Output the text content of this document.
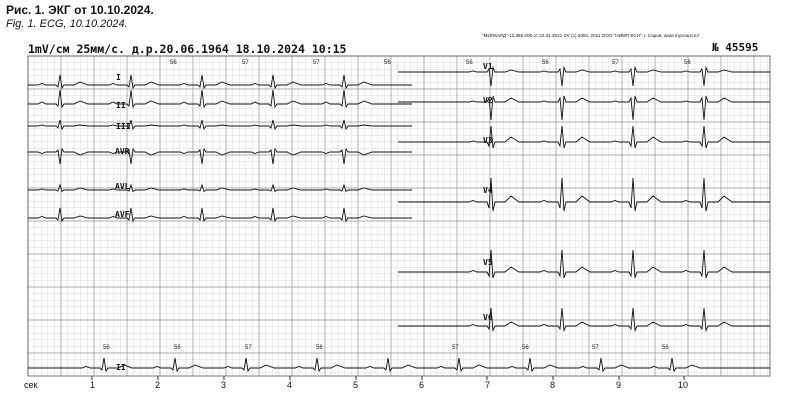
Рис. 1. ЭКГ от 10.10.2024.
Fig. 1. ECG, 10.10.2024.
1mV/см 25мм/с. д.р.20.06.1964 18.10.2024 10:15
"МИОКАРД"-12.356.005 от 22.01.2021 DV (c) 2002, 2011 ООО "НИМП ЕСН", г. Саров, www.myocard.ru*
№ 45595
56	57	57	56	56	56	57	56
I
II
III
AVR
AVL
AVF
V1
V2
V3
V4
V5
V6
56	56	57	56	57	56	57	56
II
сек	1	2	3	4	5	6	7	8	9	10
